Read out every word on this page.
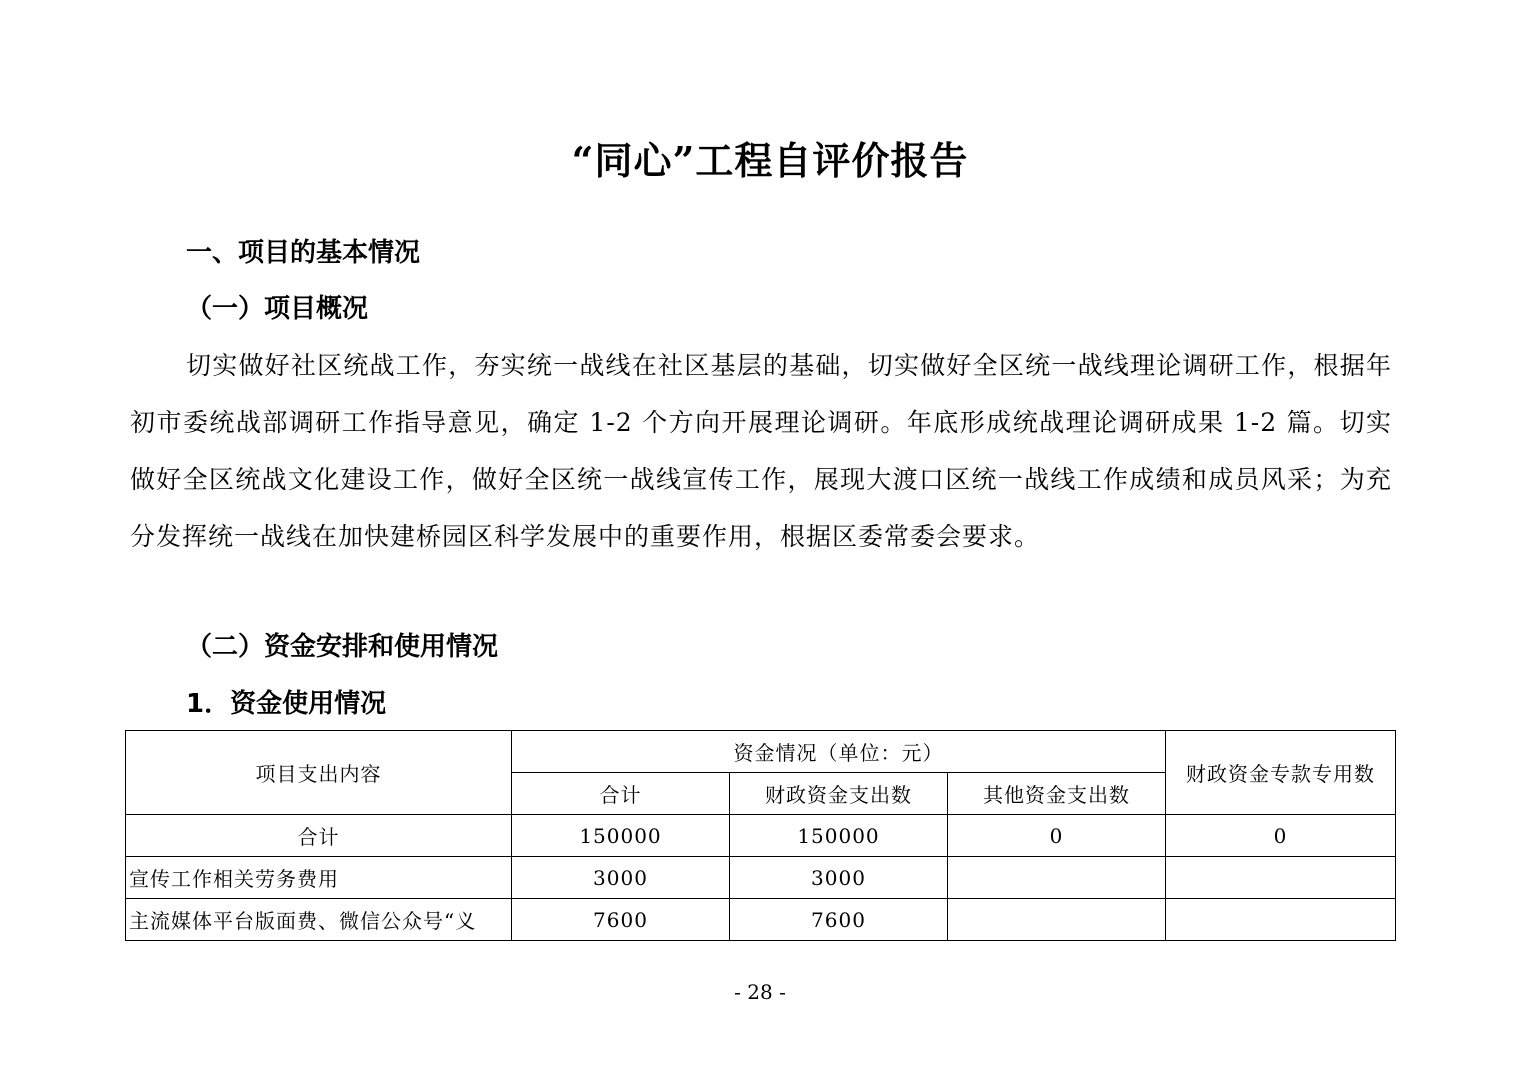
“同心”工程自评价报告
一、项目的基本情况
（一）项目概况

切实做好社区统战工作，夯实统一战线在社区基层的基础，切实做好全区统一战线理论调研工作，根据年初市委统战部调研工作指导意见，确定 1-2 个方向开展理论调研。年底形成统战理论调研成果 1-2 篇。切实做好全区统战文化建设工作，做好全区统一战线宣传工作，展现大渡口区统一战线工作成绩和成员风采；为充分发挥统一战线在加快建桥园区科学发展中的重要作用，根据区委常委会要求。

（二）资金安排和使用情况
1．资金使用情况
项目支出内容	资金情况（单位：元）			财政资金专款专用数
	合计	财政资金支出数	其他资金支出数	
合计	150000	150000	0	0
宣传工作相关劳务费用	3000	3000		
主流媒体平台版面费、微信公众号“义	7600	7600		
- 28 -
